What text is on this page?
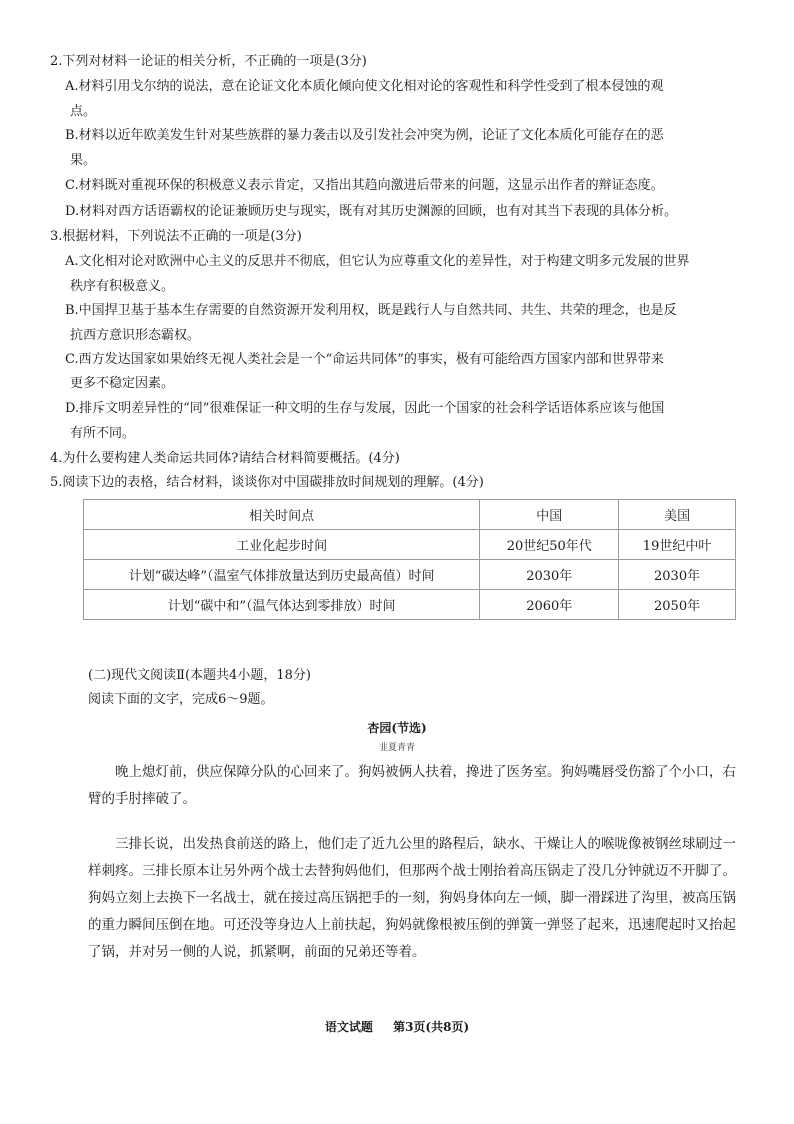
2.下列对材料一论证的相关分析，不正确的一项是(3分)
A.材料引用戈尔纳的说法，意在论证文化本质化倾向使文化相对论的客观性和科学性受到了根本侵蚀的观
点。
B.材料以近年欧美发生针对某些族群的暴力袭击以及引发社会冲突为例，论证了文化本质化可能存在的恶
果。
C.材料既对重视环保的积极意义表示肯定，又指出其趋向激进后带来的问题，这显示出作者的辩证态度。
D.材料对西方话语霸权的论证兼顾历史与现实，既有对其历史渊源的回顾，也有对其当下表现的具体分析。
3.根据材料，下列说法不正确的一项是(3分)
A.文化相对论对欧洲中心主义的反思并不彻底，但它认为应尊重文化的差异性，对于构建文明多元发展的世界
秩序有积极意义。
B.中国捍卫基于基本生存需要的自然资源开发利用权，既是践行人与自然共同、共生、共荣的理念，也是反
抗西方意识形态霸权。
C.西方发达国家如果始终无视人类社会是一个“命运共同体”的事实，极有可能给西方国家内部和世界带来
更多不稳定因素。
D.排斥文明差异性的“同”很难保证一种文明的生存与发展，因此一个国家的社会科学话语体系应该与他国
有所不同。
4.为什么要构建人类命运共同体?请结合材料简要概括。(4分)
5.阅读下边的表格，结合材料，谈谈你对中国碳排放时间规划的理解。(4分)
相关时间点	中国	美国
工业化起步时间	20世纪50年代	19世纪中叶
计划“碳达峰”（温室气体排放量达到历史最高值）时间	2030年	2030年
计划“碳中和”（温气体达到零排放）时间	2060年	2050年
(二)现代文阅读Ⅱ(本题共4小题，18分)
阅读下面的文字，完成6～9题。
杏园(节选)
韭夏青青
　　晚上熄灯前，供应保障分队的心回来了。狗妈被俩人扶着，搀进了医务室。狗妈嘴唇受伤豁了个小口，右
臂的手肘摔破了。
　　三排长说，出发热食前送的路上，他们走了近九公里的路程后，缺水、干燥让人的喉咙像被钢丝球刷过一
样刺疼。三排长原本让另外两个战士去替狗妈他们，但那两个战士刚抬着高压锅走了没几分钟就迈不开脚了。
狗妈立刻上去换下一名战士，就在接过高压锅把手的一刻，狗妈身体向左一倾，脚一滑踩进了沟里，被高压锅
的重力瞬间压倒在地。可还没等身边人上前扶起，狗妈就像根被压倒的弹簧一弹竖了起来，迅速爬起时又抬起
了锅，并对另一侧的人说，抓紧啊，前面的兄弟还等着。
语文试题 第3页(共8页)
